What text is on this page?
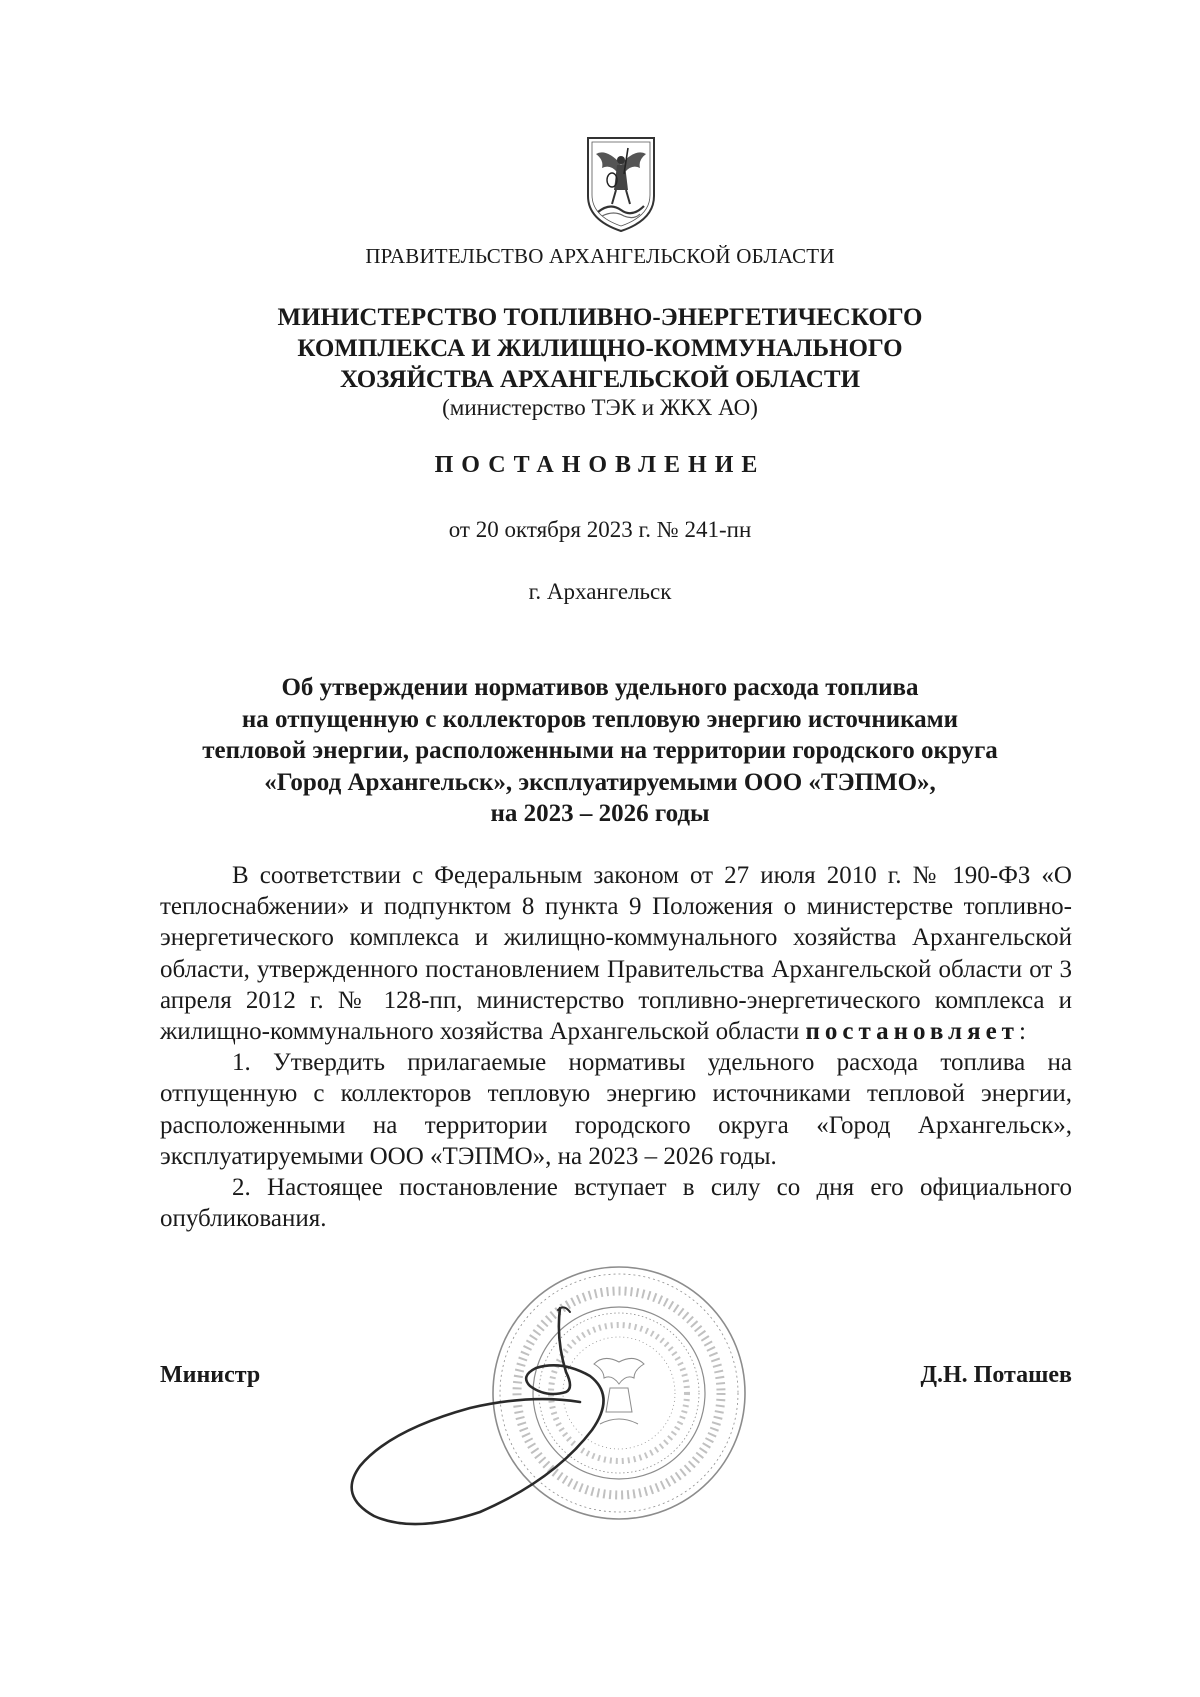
ПРАВИТЕЛЬСТВО АРХАНГЕЛЬСКОЙ ОБЛАСТИ
МИНИСТЕРСТВО ТОПЛИВНО-ЭНЕРГЕТИЧЕСКОГО
КОМПЛЕКСА И ЖИЛИЩНО-КОММУНАЛЬНОГО
ХОЗЯЙСТВА АРХАНГЕЛЬСКОЙ ОБЛАСТИ
(министерство ТЭК и ЖКХ АО)
ПОСТАНОВЛЕНИЕ
от 20 октября 2023 г. № 241-пн
г. Архангельск
Об утверждении нормативов удельного расхода топлива
на отпущенную с коллекторов тепловую энергию источниками
тепловой энергии, расположенными на территории городского округа
«Город Архангельск», эксплуатируемыми ООО «ТЭПМО»,
на 2023 – 2026 годы

В соответствии с Федеральным законом от 27 июля 2010 г. № 190-ФЗ «О теплоснабжении» и подпунктом 8 пункта 9 Положения о министерстве топливно-энергетического комплекса и жилищно-коммунального хозяйства Архангельской области, утвержденного постановлением Правительства Архангельской области от 3 апреля 2012 г. № 128-пп, министерство топливно-энергетического комплекса и жилищно-коммунального хозяйства Архангельской области постановляет:

1. Утвердить прилагаемые нормативы удельного расхода топлива на отпущенную с коллекторов тепловую энергию источниками тепловой энергии, расположенными на территории городского округа «Город Архангельск», эксплуатируемыми ООО «ТЭПМО», на 2023 – 2026 годы.

2. Настоящее постановление вступает в силу со дня его официального опубликования.

Министр	Д.Н. Поташев
